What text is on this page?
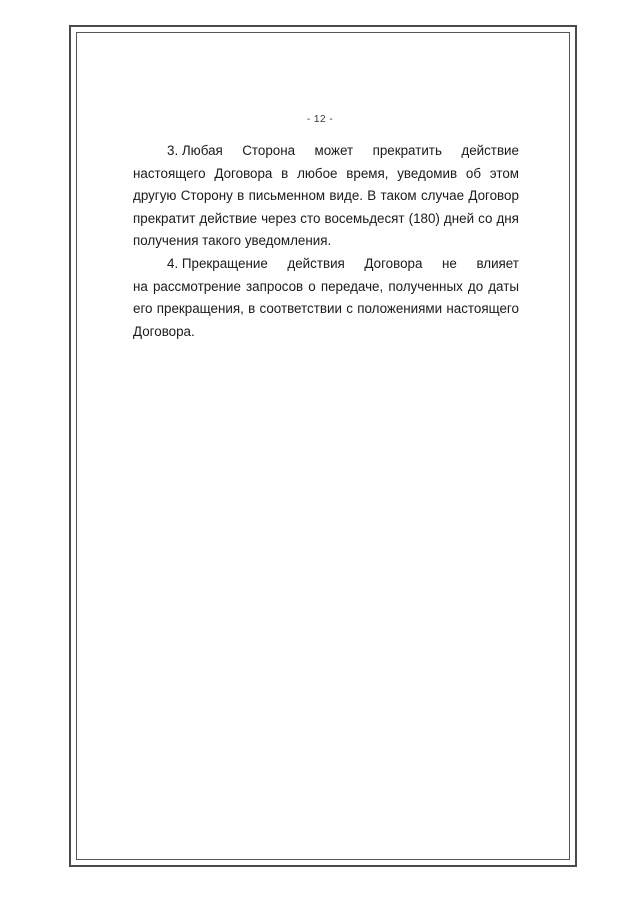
- 12 -
3. Любая Сторона может прекратить действие
настоящего Договора в любое время, уведомив об этом
другую Сторону в письменном виде. В таком случае Договор
прекратит действие через сто восемьдесят (180) дней со дня
получения такого уведомления.
4. Прекращение действия Договора не влияет
на рассмотрение запросов о передаче, полученных до даты
его прекращения, в соответствии с положениями настоящего
Договора.
